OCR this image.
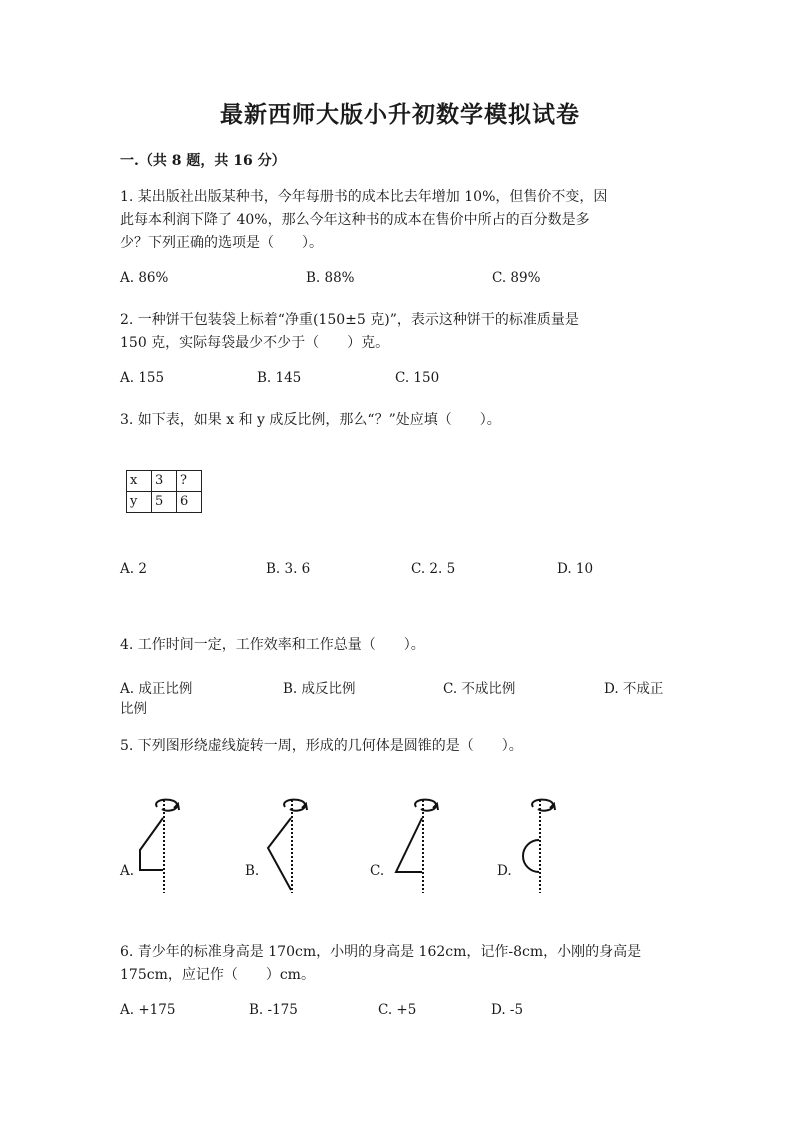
最新西师大版小升初数学模拟试卷
一.（共 8 题，共 16 分）
1. 某出版社出版某种书，今年每册书的成本比去年增加 10%，但售价不变，因
此每本利润下降了 40%，那么今年这种书的成本在售价中所占的百分数是多
少？下列正确的选项是（　　）。
A. 86%	B. 88%	C. 89%
2. 一种饼干包装袋上标着“净重(150±5 克)”，表示这种饼干的标准质量是
150 克，实际每袋最少不少于（　　）克。
A. 155	B. 145	C. 150
3. 如下表，如果 x 和 y 成反比例，那么“？”处应填（　　）。
x	3	?
y	5	6
A. 2	B. 3. 6	C. 2. 5	D. 10
4. 工作时间一定，工作效率和工作总量（　　）。
A. 成正比例	B. 成反比例	C. 不成比例	D. 不成正
比例
5. 下列图形绕虚线旋转一周，形成的几何体是圆锥的是（　　）。
A.	B.	C.	D.
6. 青少年的标准身高是 170cm，小明的身高是 162cm，记作-8cm，小刚的身高是
175cm，应记作（　　）cm。
A. +175	B. -175	C. +5	D. -5
